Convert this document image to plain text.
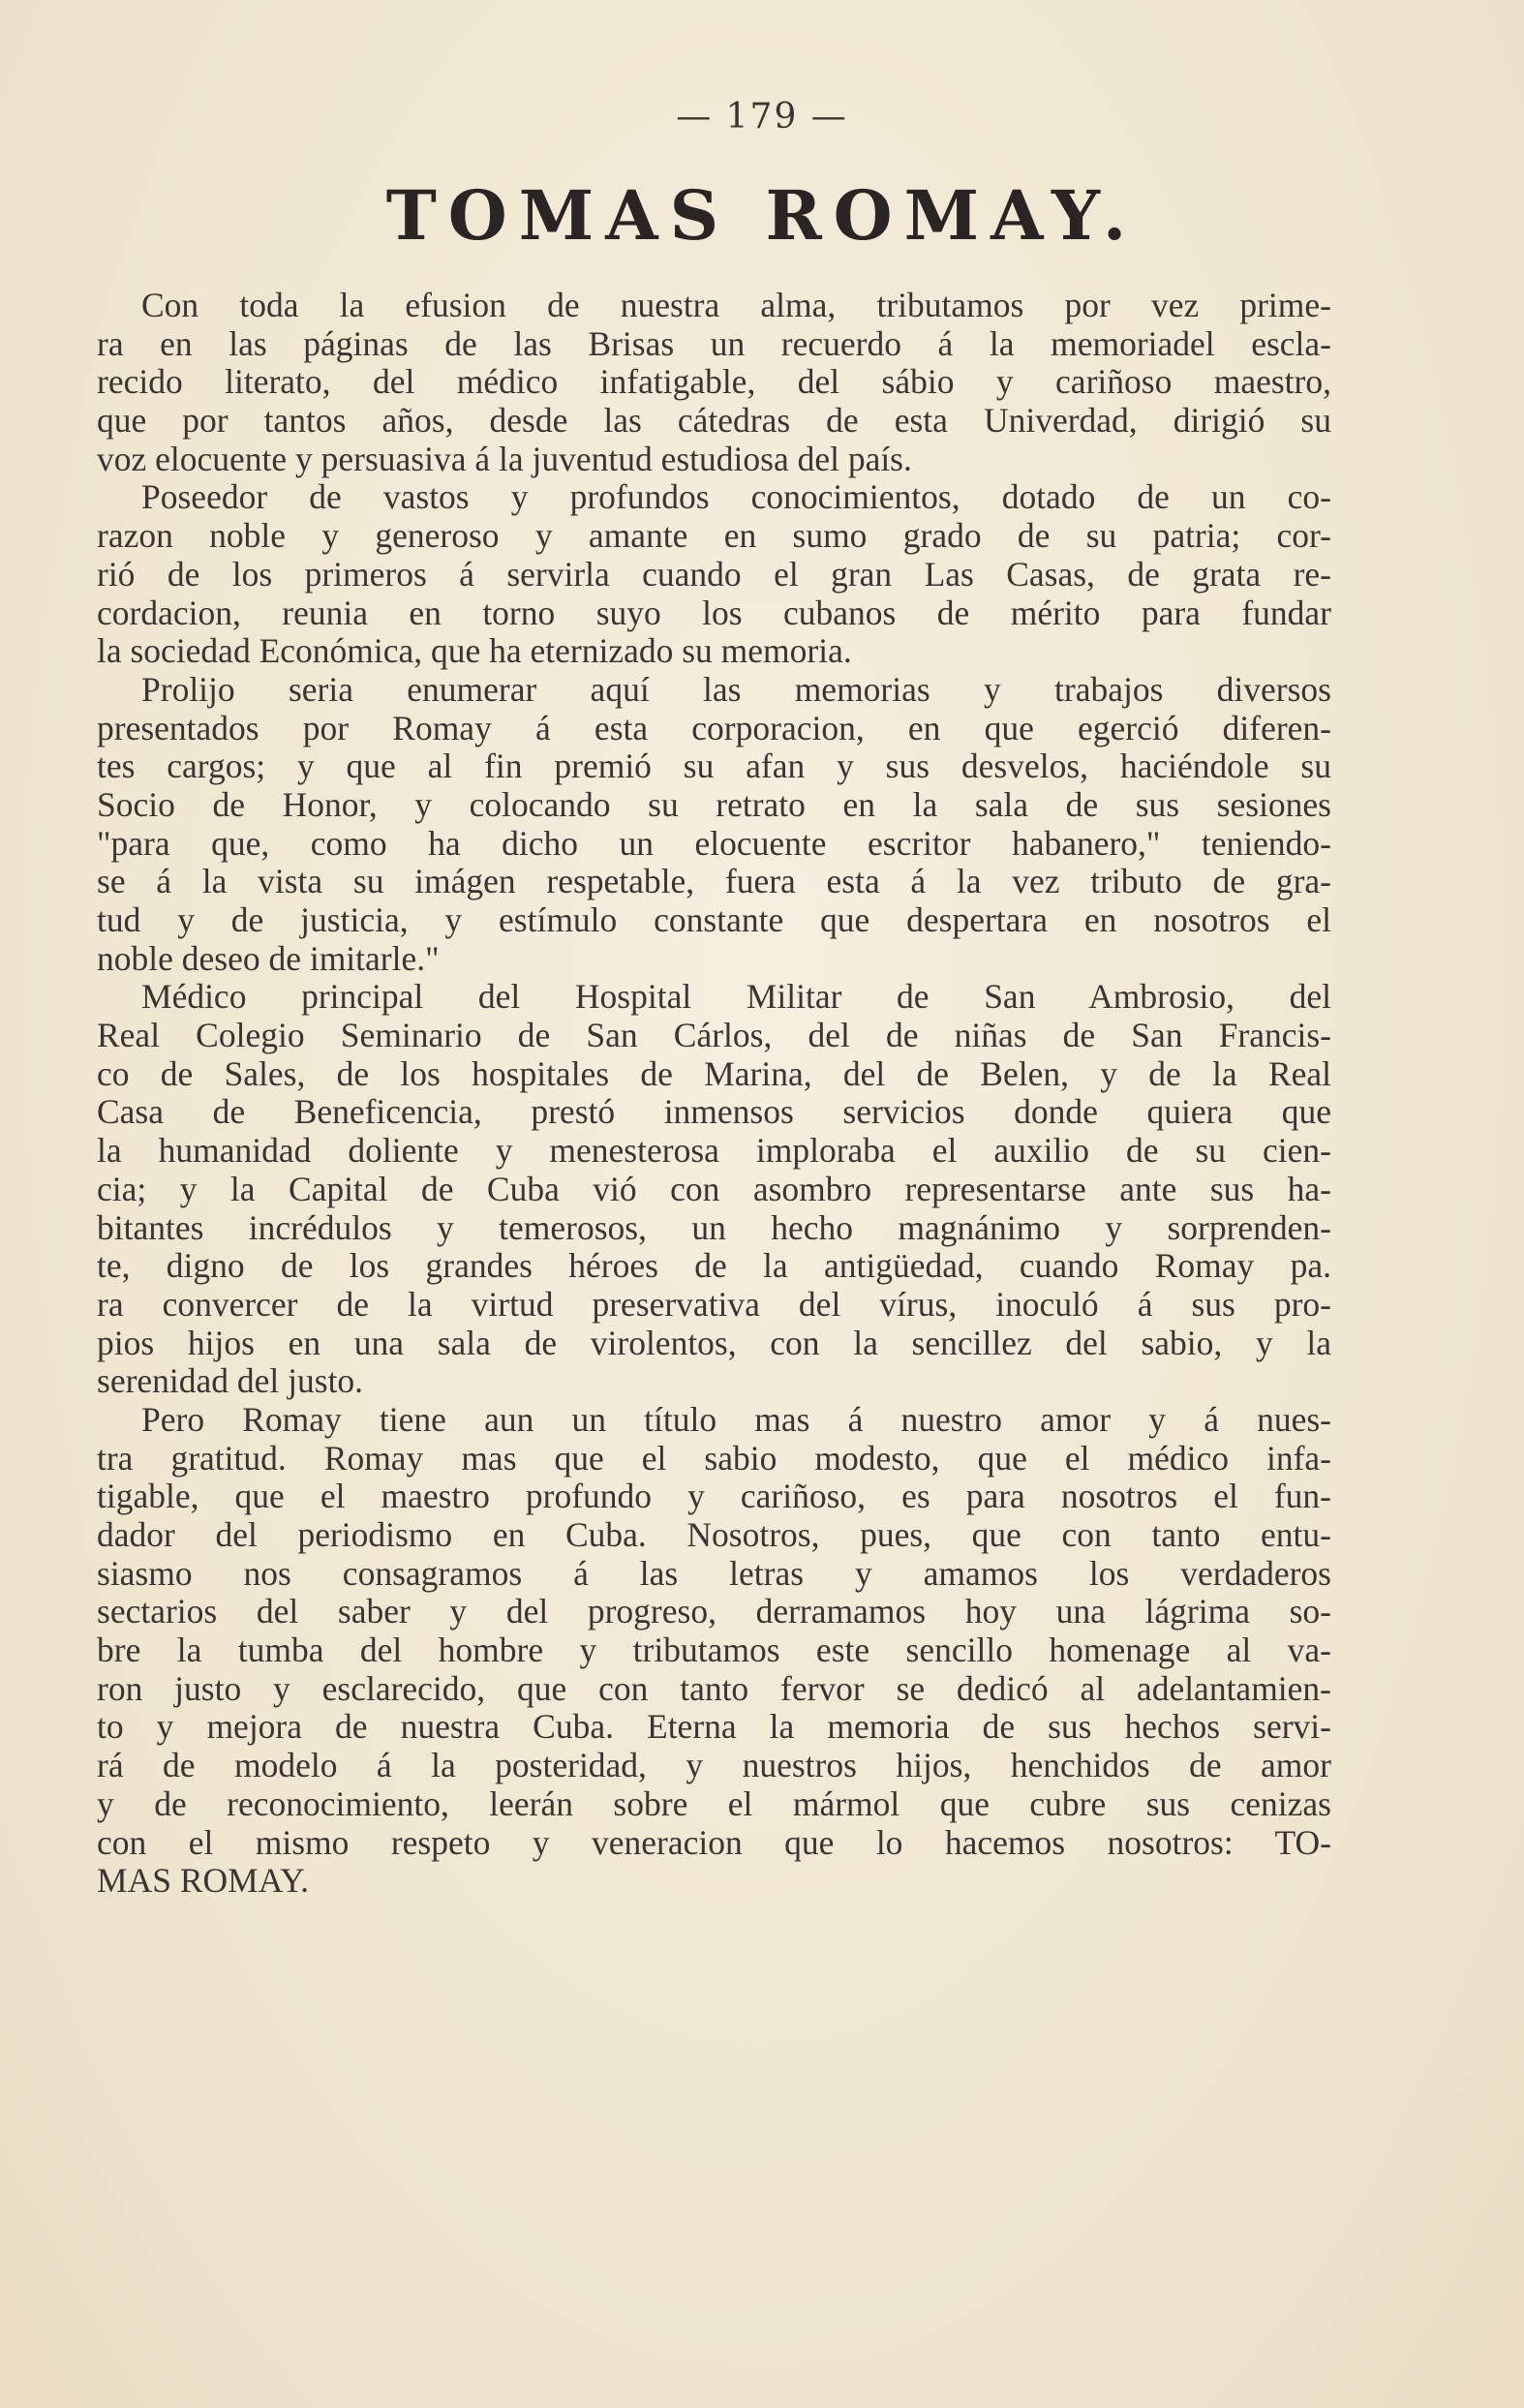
— 179 —
TOMAS ROMAY.
Con toda la efusion de nuestra alma, tributamos por vez prime-
ra en las páginas de las Brisas un recuerdo á la memoriadel escla-
recido literato, del médico infatigable, del sábio y cariñoso maestro,
que por tantos años, desde las cátedras de esta Univerdad, dirigió su
voz elocuente y persuasiva á la juventud estudiosa del país.
Poseedor de vastos y profundos conocimientos, dotado de un co-
razon noble y generoso y amante en sumo grado de su patria; cor-
rió de los primeros á servirla cuando el gran Las Casas, de grata re-
cordacion, reunia en torno suyo los cubanos de mérito para fundar
la sociedad Económica, que ha eternizado su memoria.
Prolijo seria enumerar aquí las memorias y trabajos diversos
presentados por Romay á esta corporacion, en que egerció diferen-
tes cargos; y que al fin premió su afan y sus desvelos, haciéndole su
Socio de Honor, y colocando su retrato en la sala de sus sesiones
"para que, como ha dicho un elocuente escritor habanero," teniendo-
se á la vista su imágen respetable, fuera esta á la vez tributo de gra-
tud y de justicia, y estímulo constante que despertara en nosotros el
noble deseo de imitarle."
Médico principal del Hospital Militar de San Ambrosio, del
Real Colegio Seminario de San Cárlos, del de niñas de San Francis-
co de Sales, de los hospitales de Marina, del de Belen, y de la Real
Casa de Beneficencia, prestó inmensos servicios donde quiera que
la humanidad doliente y menesterosa imploraba el auxilio de su cien-
cia; y la Capital de Cuba vió con asombro representarse ante sus ha-
bitantes incrédulos y temerosos, un hecho magnánimo y sorprenden-
te, digno de los grandes héroes de la antigüedad, cuando Romay pa.
ra convercer de la virtud preservativa del vírus, inoculó á sus pro-
pios hijos en una sala de virolentos, con la sencillez del sabio, y la
serenidad del justo.
Pero Romay tiene aun un título mas á nuestro amor y á nues-
tra gratitud. Romay mas que el sabio modesto, que el médico infa-
tigable, que el maestro profundo y cariñoso, es para nosotros el fun-
dador del periodismo en Cuba. Nosotros, pues, que con tanto entu-
siasmo nos consagramos á las letras y amamos los verdaderos
sectarios del saber y del progreso, derramamos hoy una lágrima so-
bre la tumba del hombre y tributamos este sencillo homenage al va-
ron justo y esclarecido, que con tanto fervor se dedicó al adelantamien-
to y mejora de nuestra Cuba. Eterna la memoria de sus hechos servi-
rá de modelo á la posteridad, y nuestros hijos, henchidos de amor
y de reconocimiento, leerán sobre el mármol que cubre sus cenizas
con el mismo respeto y veneracion que lo hacemos nosotros: TO-
MAS ROMAY.
